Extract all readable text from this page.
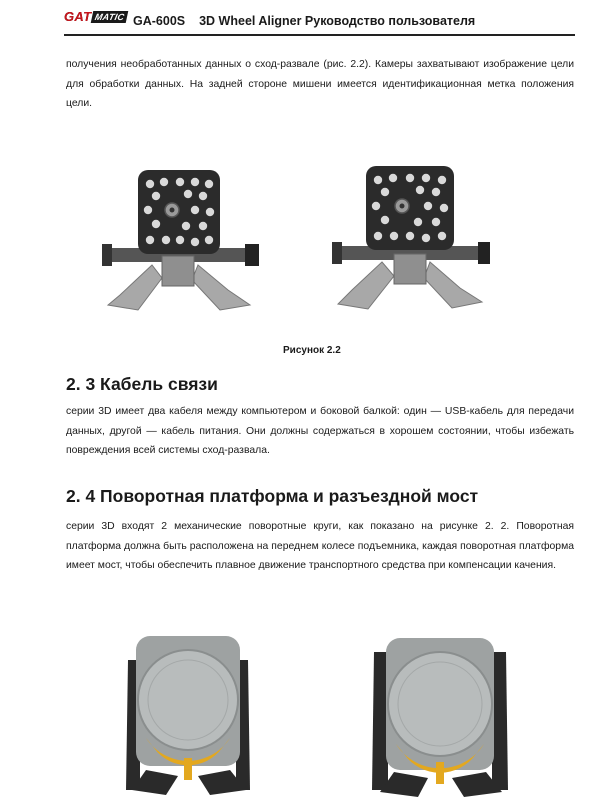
GAT MATIC GA-600S 3D Wheel Aligner Руководство пользователя

получения необработанных данных о сход-развале (рис. 2.2). Камеры захватывают изображение цели для обработки данных. На задней стороне мишени имеется идентификационная метка положения цели.

Рисунок 2.2
2. 3 Кабель связи

серии 3D имеет два кабеля между компьютером и боковой балкой: один — USB-кабель для передачи данных, другой — кабель питания. Они должны содержаться в хорошем состоянии, чтобы избежать повреждения всей системы сход-развала.

2. 4 Поворотная платформа и разъездной мост

серии 3D входят 2 механические поворотные круги, как показано на рисунке 2. 2. Поворотная платформа должна быть расположена на переднем колесе подъемника, каждая поворотная платформа имеет мост, чтобы обеспечить плавное движение транспортного средства при компенсации качения.
